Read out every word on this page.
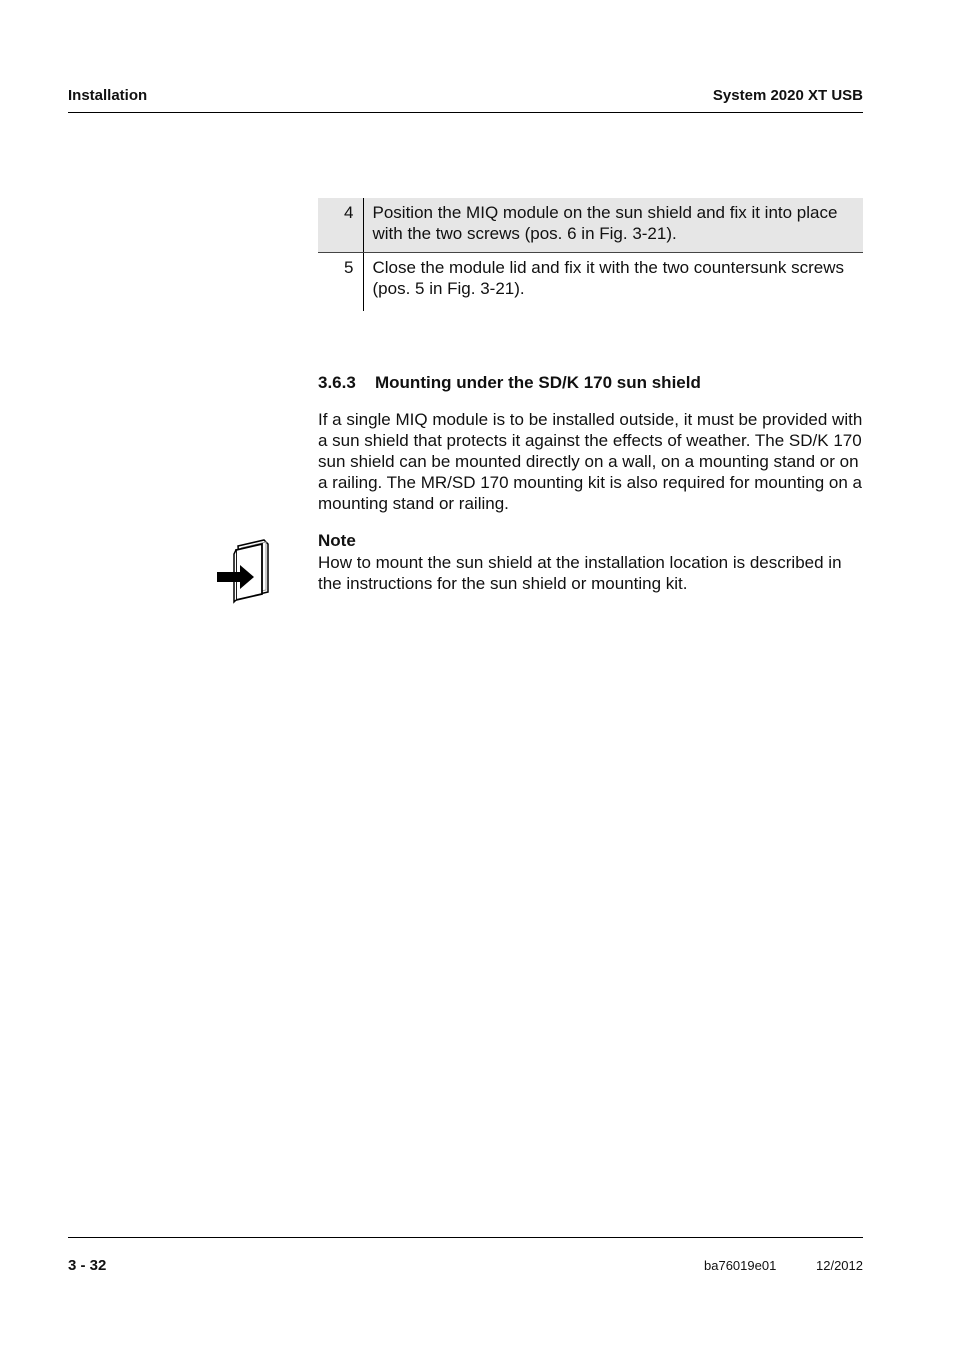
Installation	System 2020 XT USB
4	Position the MIQ module on the sun shield and fix it into place with the two screws (pos. 6 in Fig. 3-21).
5	Close the module lid and fix it with the two countersunk screws (pos. 5 in Fig. 3-21).
3.6.3 Mounting under the SD/K 170 sun shield
If a single MIQ module is to be installed outside, it must be provided with a sun shield that protects it against the effects of weather. The SD/K 170 sun shield can be mounted directly on a wall, on a mounting stand or on a railing. The MR/SD 170 mounting kit is also required for mounting on a mounting stand or railing.
Note
How to mount the sun shield at the installation location is described in the instructions for the sun shield or mounting kit.
3 - 32	ba76019e01	12/2012
